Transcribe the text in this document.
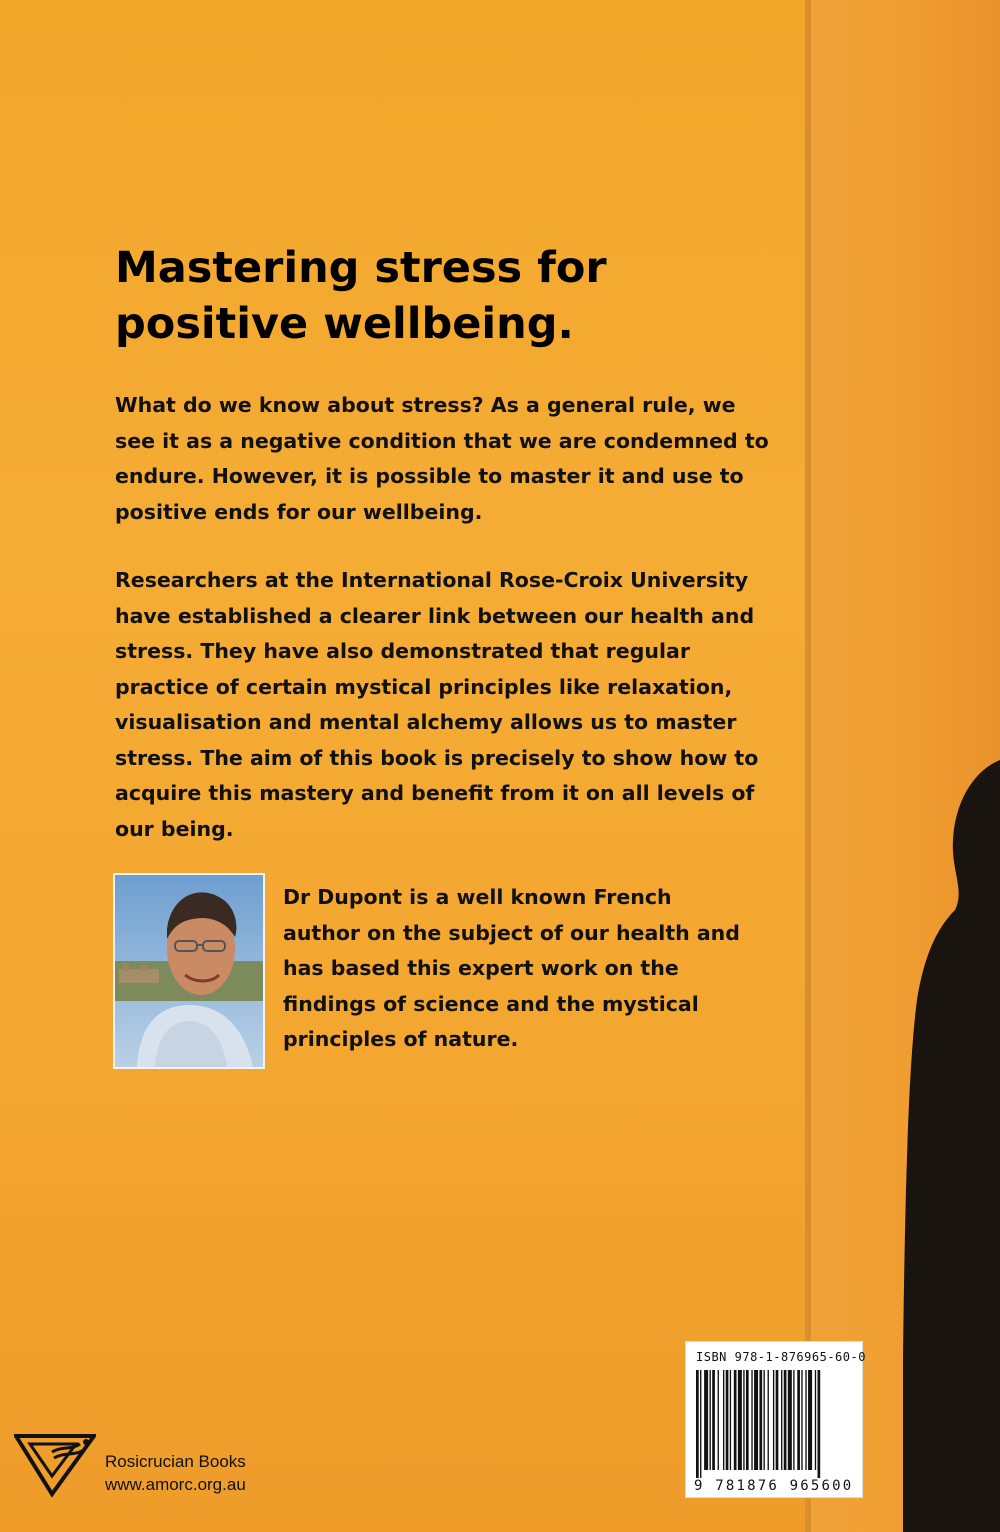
Mastering stress for
positive wellbeing.

What do we know about stress? As a general rule, we see it as a negative condition that we are condemned to endure. However, it is possible to master it and use to positive ends for our wellbeing.

Researchers at the International Rose-Croix University have established a clearer link between our health and stress. They have also demonstrated that regular practice of certain mystical principles like relaxation, visualisation and mental alchemy allows us to master stress. The aim of this book is precisely to show how to acquire this mastery and benefit from it on all levels of our being.

Dr Dupont is a well known French author on the subject of our health and has based this expert work on the findings of science and the mystical principles of nature.

Rosicrucian Books
www.amorc.org.au
ISBN 978-1-876965-60-0
9 781876 965600
